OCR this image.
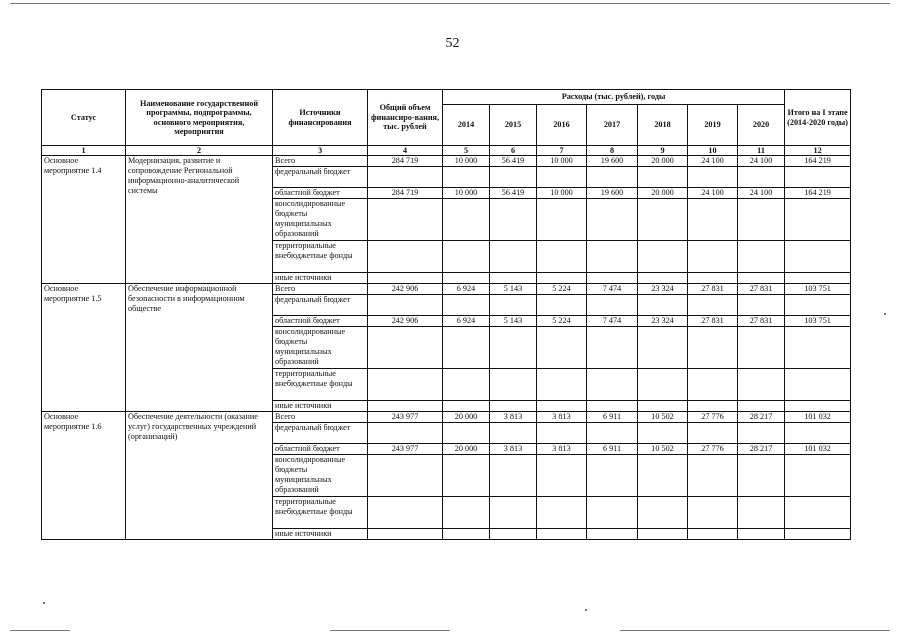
52
Статус	Наименование государственной программы, подпрограммы, основного мероприятия, мероприятия	Источники финансирования	Общий объем финансиро-вания, тыс. рублей	Расходы (тыс. рублей), годы							Итого на I этапе (2014-2020 годы)
				2014	2015	2016	2017	2018	2019	2020	
1	2	3	4	5	6	7	8	9	10	11	12
Основное мероприятие 1.4	Модернизация, развитие и сопровождение Региональной информационно-аналитической системы	Всего	284 719	10 000	56 419	10 000	19 600	20 000	24 100	24 100	164 219
		федеральный бюджет									
		областной бюджет	284 719	10 000	56 419	10 000	19 600	20 000	24 100	24 100	164 219
		консолидированные бюджеты муниципальных образований									
		территориальные внебюджетные фонды									
		иные источники									
Основное мероприятие 1.5	Обеспечение информационной безопасности в информационном обществе	Всего	242 906	6 924	5 143	5 224	7 474	23 324	27 831	27 831	103 751
		федеральный бюджет									
		областной бюджет	242 906	6 924	5 143	5 224	7 474	23 324	27 831	27 831	103 751
		консолидированные бюджеты муниципальных образований									
		территориальные внебюджетные фонды									
		иные источники									
Основное мероприятие 1.6	Обеспечение деятельности (оказание услуг) государственных учреждений (организаций)	Всего	243 977	20 000	3 813	3 813	6 911	10 502	27 776	28 217	101 032
		федеральный бюджет									
		областной бюджет	243 977	20 000	3 813	3 813	6 911	10 502	27 776	28 217	101 032
		консолидированные бюджеты муниципальных образований									
		территориальные внебюджетные фонды									
		иные источники									
